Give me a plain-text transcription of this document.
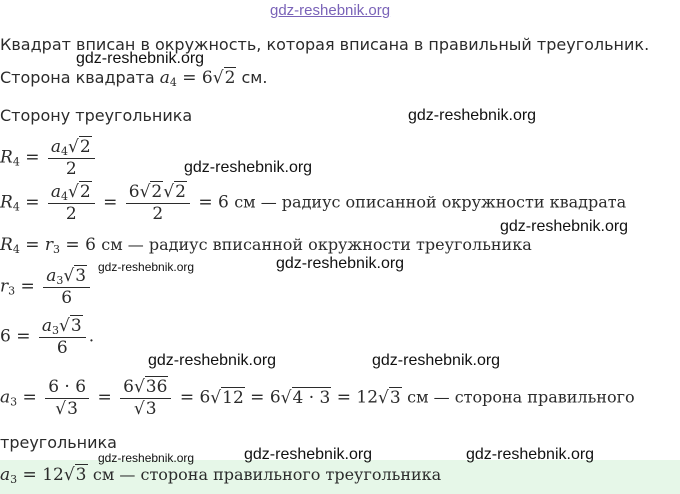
gdz-reshebnik.org
Квадрат вписан в окружность, которая вписана в правильный треугольник.
gdz-reshebnik.org
Сторона квадрата $a_4 = 6√2$ см.
Сторону треугольника	gdz-reshebnik.org
$R_4 = \frac{a_4√2}{2}$	gdz-reshebnik.org
$R_4 = \frac{a_4√2}{2} = \frac{6√2√2}{2} = 6$ см — радиус описанной окружности квадрата
gdz-reshebnik.org
$R_4 = r_3 = 6$ см — радиус вписанной окружности треугольника
gdz-reshebnik.org	gdz-reshebnik.org
$r_3 = \frac{a_3√3}{6}$
$6 = \frac{a_3√3}{6}$ .
gdz-reshebnik.org	gdz-reshebnik.org
$a_3 = \frac{6 \cdot 6}{√3} = \frac{6√36}{√3} = 6√12 = 6√4 \cdot 3 = 12√3$ см — сторона правильного
треугольника
gdz-reshebnik.org	gdz-reshebnik.org	gdz-reshebnik.org
$a_3 = 12√3$ см — сторона правильного треугольника
